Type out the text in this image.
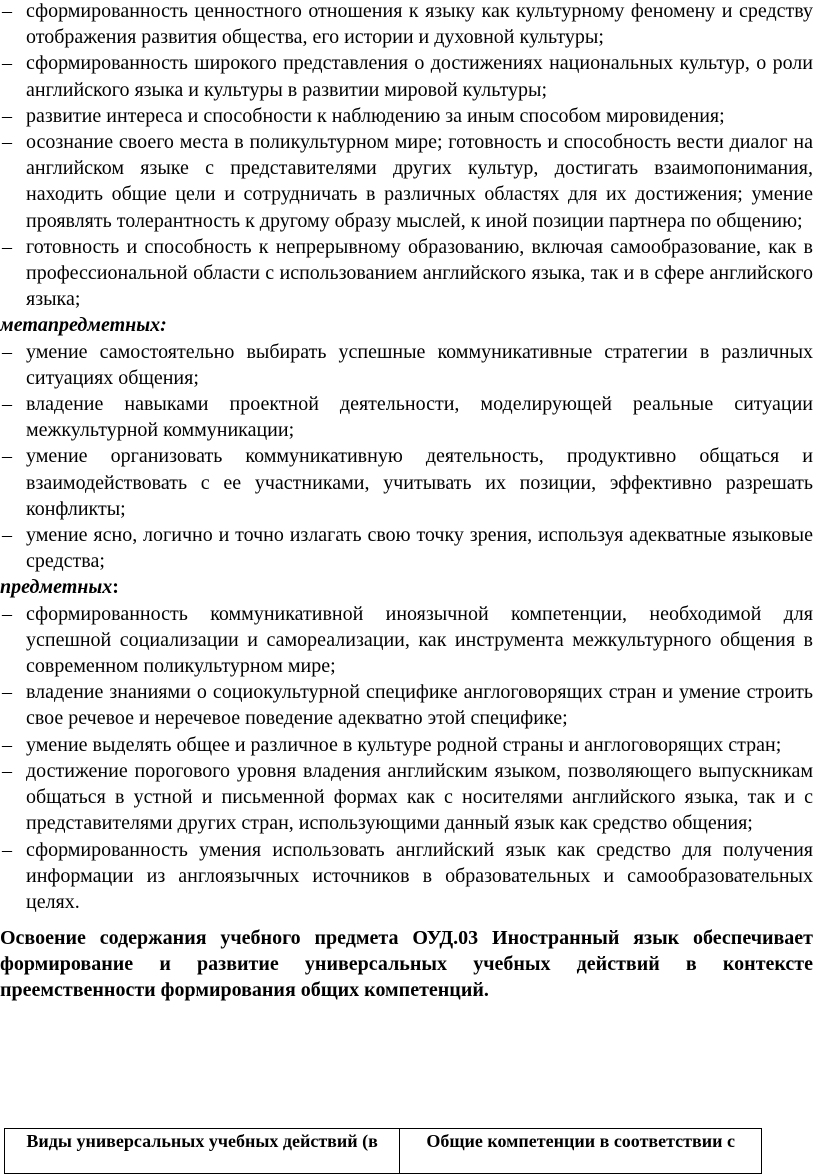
– сформированность ценностного отношения к языку как культурному феномену и средству отображения развития общества, его истории и духовной культуры;
– сформированность широкого представления о достижениях национальных культур, о роли английского языка и культуры в развитии мировой культуры;
– развитие интереса и способности к наблюдению за иным способом мировидения;
– осознание своего места в поликультурном мире; готовность и способность вести диалог на английском языке с представителями других культур, достигать взаимопонимания, находить общие цели и сотрудничать в различных областях для их достижения; умение проявлять толерантность к другому образу мыслей, к иной позиции партнера по общению;
– готовность и способность к непрерывному образованию, включая самообразование, как в профессиональной области с использованием английского языка, так и в сфере английского языка;
метапредметных:
– умение самостоятельно выбирать успешные коммуникативные стратегии в различных ситуациях общения;
– владение навыками проектной деятельности, моделирующей реальные ситуации межкультурной коммуникации;
– умение организовать коммуникативную деятельность, продуктивно общаться и взаимодействовать с ее участниками, учитывать их позиции, эффективно разрешать конфликты;
– умение ясно, логично и точно излагать свою точку зрения, используя адекватные языковые средства;
предметных:
– сформированность коммуникативной иноязычной компетенции, необходимой для успешной социализации и самореализации, как инструмента межкультурного общения в современном поликультурном мире;
– владение знаниями о социокультурной специфике англоговорящих стран и умение строить свое речевое и неречевое поведение адекватно этой специфике;
– умение выделять общее и различное в культуре родной страны и англоговорящих стран;
– достижение порогового уровня владения английским языком, позволяющего выпускникам общаться в устной и письменной формах как с носителями английского языка, так и с представителями других стран, использующими данный язык как средство общения;
– сформированность умения использовать английский язык как средство для получения информации из англоязычных источников в образовательных и самообразовательных целях.

Освоение содержания учебного предмета ОУД.03 Иностранный язык обеспечивает формирование и развитие универсальных учебных действий в контексте преемственности формирования общих компетенций.

Виды универсальных учебных действий (в	Общие компетенции в соответствии с
